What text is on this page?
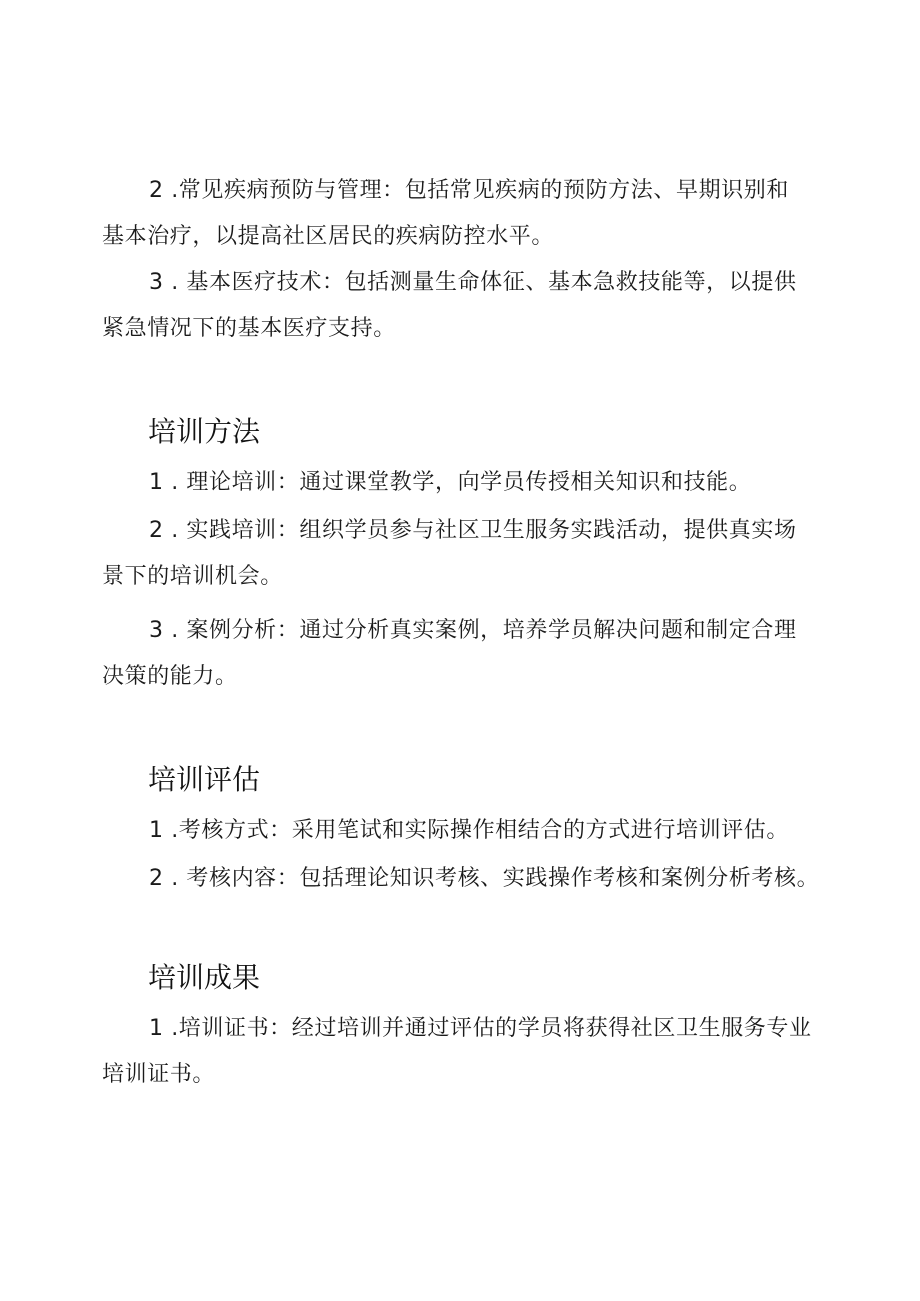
2 .常见疾病预防与管理：包括常见疾病的预防方法、早期识别和
基本治疗，以提高社区居民的疾病防控水平。

3 . 基本医疗技术：包括测量生命体征、基本急救技能等，以提供
紧急情况下的基本医疗支持。

培训方法

1 . 理论培训：通过课堂教学，向学员传授相关知识和技能。

2 . 实践培训：组织学员参与社区卫生服务实践活动，提供真实场
景下的培训机会。

3 . 案例分析：通过分析真实案例，培养学员解决问题和制定合理
决策的能力。

培训评估

1 .考核方式：采用笔试和实际操作相结合的方式进行培训评估。

2 . 考核内容：包括理论知识考核、实践操作考核和案例分析考核。

培训成果

1 .培训证书：经过培训并通过评估的学员将获得社区卫生服务专业
培训证书。
